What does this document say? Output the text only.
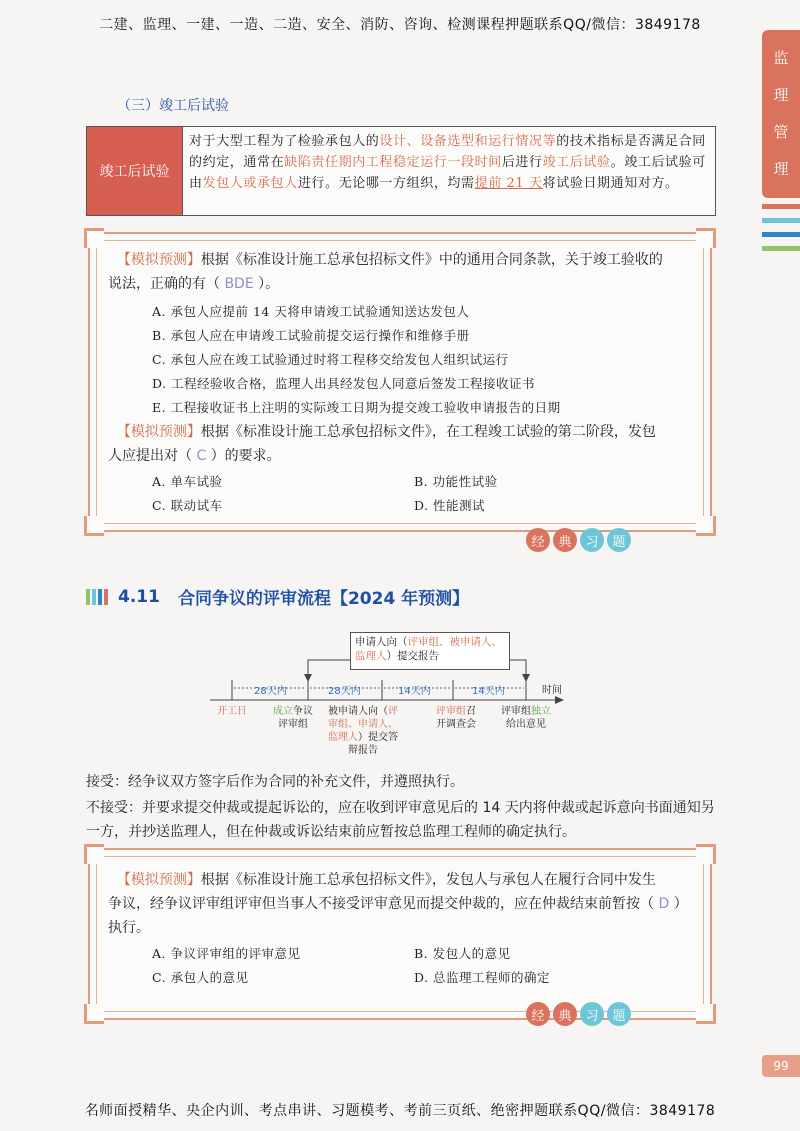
二建、监理、一建、一造、二造、安全、消防、咨询、检测课程押题联系QQ/微信：3849178
监
理
管
理
（三）竣工后试验
竣工后试验
对于大型工程为了检验承包人的设计、设备选型和运行情况等的技术指标是否满足合同的约定，通常在缺陷责任期内工程稳定运行一段时间后进行竣工后试验。竣工后试验可由发包人或承包人进行。无论哪一方组织，均需提前 21 天将试验日期通知对方。
【模拟预测】根据《标准设计施工总承包招标文件》中的通用合同条款，关于竣工验收的
说法，正确的有（ BDE ）。
A. 承包人应提前 14 天将申请竣工试验通知送达发包人
B. 承包人应在申请竣工试验前提交运行操作和维修手册
C. 承包人应在竣工试验通过时将工程移交给发包人组织试运行
D. 工程经验收合格，监理人出具经发包人同意后签发工程接收证书
E. 工程接收证书上注明的实际竣工日期为提交竣工验收申请报告的日期
【模拟预测】根据《标准设计施工总承包招标文件》，在工程竣工试验的第二阶段，发包
人应提出对（ C ）的要求。
A. 单车试验	B. 功能性试验
C. 联动试车	D. 性能测试
经	典	习	题
4.11 合同争议的评审流程【2024 年预测】
申请人向（评审组、被申请人、监理人）提交报告
28天内	28天内	14天内	14天内	时间
开工日	成立争议评审组
被申请人向（评审组、申请人、监理人）提交答辩报告
评审组召开调查会
评审组独立给出意见
接受：经争议双方签字后作为合同的补充文件，并遵照执行。
不接受：并要求提交仲裁或提起诉讼的，应在收到评审意见后的 14 天内将仲裁或起诉意向书面通知另一方，并抄送监理人，但在仲裁或诉讼结束前应暂按总监理工程师的确定执行。
【模拟预测】根据《标准设计施工总承包招标文件》，发包人与承包人在履行合同中发生
争议，经争议评审组评审但当事人不接受评审意见而提交仲裁的，应在仲裁结束前暂按（ D ）
执行。
A. 争议评审组的评审意见	B. 发包人的意见
C. 承包人的意见	D. 总监理工程师的确定
经	典	习	题
99
名师面授精华、央企内训、考点串讲、习题模考、考前三页纸、绝密押题联系QQ/微信：3849178
